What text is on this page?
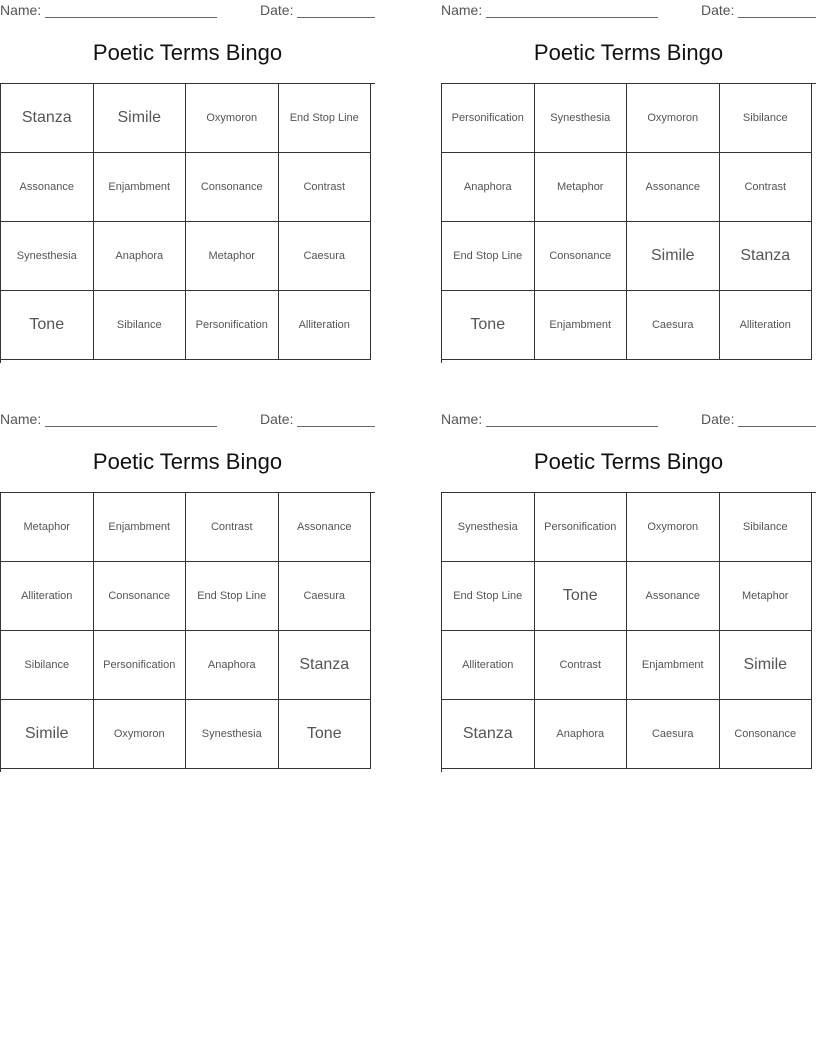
Name:	Date:
Poetic Terms Bingo
Stanza	Simile	Oxymoron	End Stop Line
Assonance	Enjambment	Consonance	Contrast
Synesthesia	Anaphora	Metaphor	Caesura
Tone	Sibilance	Personification	Alliteration
Name:	Date:
Poetic Terms Bingo
Personification	Synesthesia	Oxymoron	Sibilance
Anaphora	Metaphor	Assonance	Contrast
End Stop Line	Consonance	Simile	Stanza
Tone	Enjambment	Caesura	Alliteration
Name:	Date:
Poetic Terms Bingo
Metaphor	Enjambment	Contrast	Assonance
Alliteration	Consonance	End Stop Line	Caesura
Sibilance	Personification	Anaphora	Stanza
Simile	Oxymoron	Synesthesia	Tone
Name:	Date:
Poetic Terms Bingo
Synesthesia	Personification	Oxymoron	Sibilance
End Stop Line	Tone	Assonance	Metaphor
Alliteration	Contrast	Enjambment	Simile
Stanza	Anaphora	Caesura	Consonance
